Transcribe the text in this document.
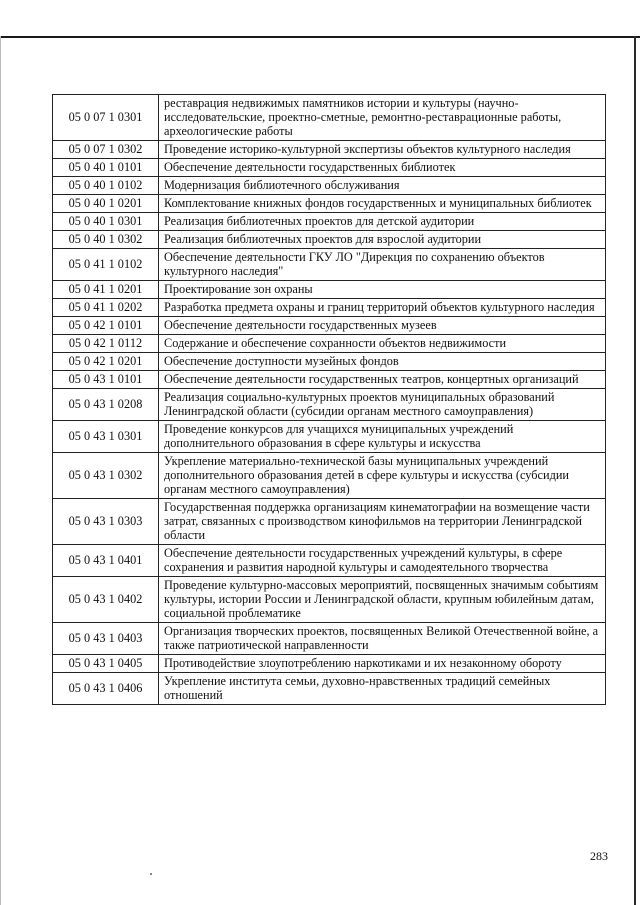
05 0 07 1 0301	реставрация недвижимых памятников истории и культуры (научно-исследовательские, проектно-сметные, ремонтно-реставрационные работы, археологические работы
05 0 07 1 0302	Проведение историко-культурной экспертизы объектов культурного наследия
05 0 40 1 0101	Обеспечение деятельности государственных библиотек
05 0 40 1 0102	Модернизация библиотечного обслуживания
05 0 40 1 0201	Комплектование книжных фондов государственных и муниципальных библиотек
05 0 40 1 0301	Реализация библиотечных проектов для детской аудитории
05 0 40 1 0302	Реализация библиотечных проектов для взрослой аудитории
05 0 41 1 0102	Обеспечение деятельности ГКУ ЛО "Дирекция по сохранению объектов культурного наследия"
05 0 41 1 0201	Проектирование зон охраны
05 0 41 1 0202	Разработка предмета охраны и границ территорий объектов культурного наследия
05 0 42 1 0101	Обеспечение деятельности государственных музеев
05 0 42 1 0112	Содержание и обеспечение сохранности объектов недвижимости
05 0 42 1 0201	Обеспечение доступности музейных фондов
05 0 43 1 0101	Обеспечение деятельности государственных театров, концертных организаций
05 0 43 1 0208	Реализация социально-культурных проектов муниципальных образований Ленинградской области (субсидии органам местного самоуправления)
05 0 43 1 0301	Проведение конкурсов для учащихся муниципальных учреждений дополнительного образования в сфере культуры и искусства
05 0 43 1 0302	Укрепление материально-технической базы муниципальных учреждений дополнительного образования детей в сфере культуры и искусства (субсидии органам местного самоуправления)
05 0 43 1 0303	Государственная поддержка организациям кинематографии на возмещение части затрат, связанных с производством кинофильмов на территории Ленинградской области
05 0 43 1 0401	Обеспечение деятельности государственных учреждений культуры, в сфере сохранения и развития народной культуры и самодеятельного творчества
05 0 43 1 0402	Проведение культурно-массовых мероприятий, посвященных значимым событиям культуры, истории России и Ленинградской области, крупным юбилейным датам, социальной проблематике
05 0 43 1 0403	Организация творческих проектов, посвященных Великой Отечественной войне, а также патриотической направленности
05 0 43 1 0405	Противодействие злоупотреблению наркотиками и их незаконному обороту
05 0 43 1 0406	Укрепление института семьи, духовно-нравственных традиций семейных отношений
283
